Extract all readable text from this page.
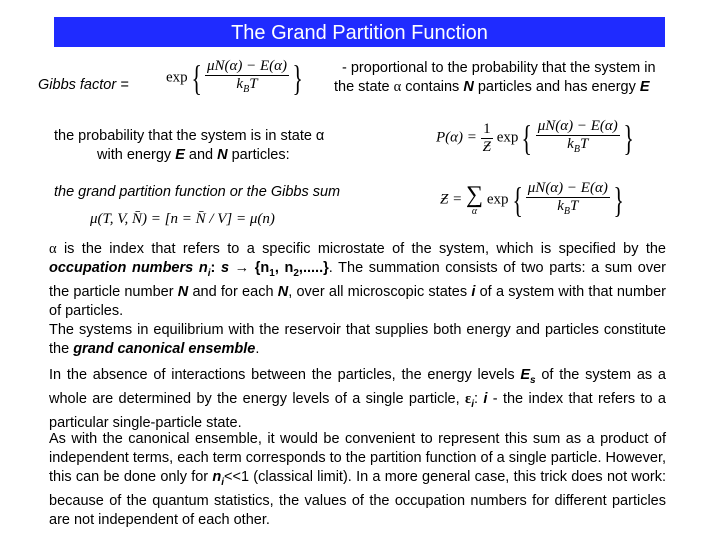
The Grand Partition Function
Gibbs factor = $\exp\{ \frac{\mu N(\alpha) - E(\alpha)}{k_BT}$ }	- proportional to the probability that the system in
the state α contains N particles and has energy E
the probability that the system is in state α
with energy E and N particles:
$P(\alpha) = \frac{1}{Ƶ} \exp\{ \frac{\mu N(\alpha) - E(\alpha)}{k_BT}$ }
the grand partition function or the Gibbs sum
μ(T, V, N̄) = [n = N̄ / V] = μ(n)
Ƶ = ∑
α
$\exp\{ \frac{\mu N(\alpha) - E(\alpha)}{k_BT}$ }
α is the index that refers to a specific microstate of the system, which is specified by the occupation numbers $n_i$: $s \to \{n_1$, $n_2$,.....}. The summation consists of two parts: a sum over the particle number N and for each N, over all microscopic states i of a system with that number of particles.
The systems in equilibrium with the reservoir that supplies both energy and particles constitute the grand canonical ensemble.
In the absence of interactions between the particles, the energy levels $E_s$ of the system as a whole are determined by the energy levels of a single particle, $\varepsilon_i$: i - the index that refers to a particular single-particle state.
As with the canonical ensemble, it would be convenient to represent this sum as a product of independent terms, each term corresponds to the partition function of a single particle. However, this can be done only for $n_i<<1$ (classical limit). In a more general case, this trick does not work: because of the quantum statistics, the values of the occupation numbers for different particles are not independent of each other.
